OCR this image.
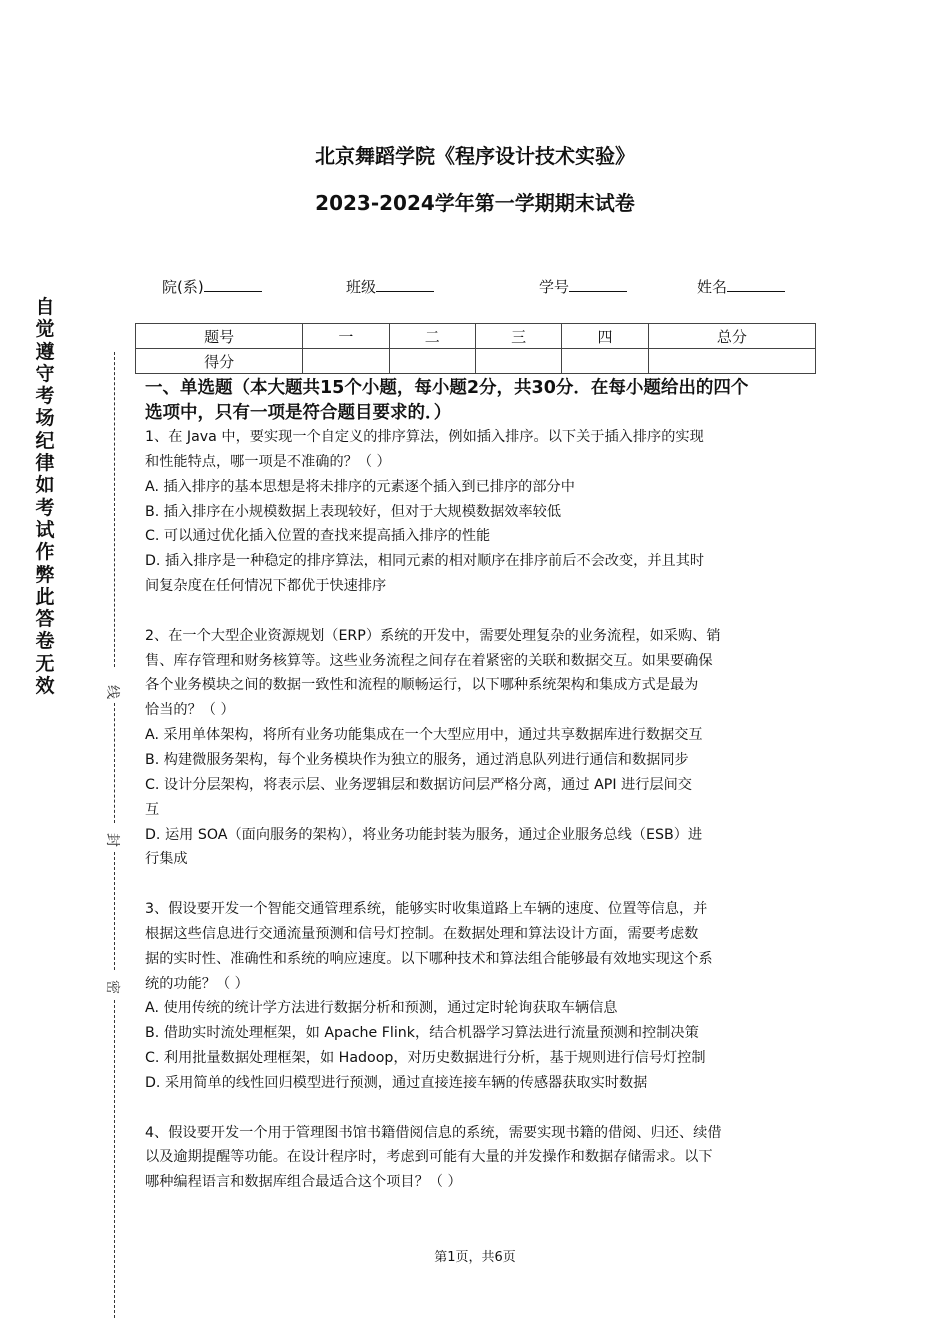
北京舞蹈学院《程序设计技术实验》
2023-2024学年第一学期期末试卷
自觉遵守考场纪律如考试作弊此答卷无效	线
封
密
院(系)	班级	学号	姓名
题号	一	二	三	四	总分
得分					
一、单选题（本大题共15个小题，每小题2分，共30分．在每小题给出的四个
选项中，只有一项是符合题目要求的．）
1、在 Java 中，要实现一个自定义的排序算法，例如插入排序。以下关于插入排序的实现
和性能特点，哪一项是不准确的？（ ）
A. 插入排序的基本思想是将未排序的元素逐个插入到已排序的部分中
B. 插入排序在小规模数据上表现较好，但对于大规模数据效率较低
C. 可以通过优化插入位置的查找来提高插入排序的性能
D. 插入排序是一种稳定的排序算法，相同元素的相对顺序在排序前后不会改变，并且其时
间复杂度在任何情况下都优于快速排序
2、在一个大型企业资源规划（ERP）系统的开发中，需要处理复杂的业务流程，如采购、销
售、库存管理和财务核算等。这些业务流程之间存在着紧密的关联和数据交互。如果要确保
各个业务模块之间的数据一致性和流程的顺畅运行，以下哪种系统架构和集成方式是最为
恰当的？（ ）
A. 采用单体架构，将所有业务功能集成在一个大型应用中，通过共享数据库进行数据交互
B. 构建微服务架构，每个业务模块作为独立的服务，通过消息队列进行通信和数据同步
C. 设计分层架构，将表示层、业务逻辑层和数据访问层严格分离，通过 API 进行层间交
互
D. 运用 SOA（面向服务的架构），将业务功能封装为服务，通过企业服务总线（ESB）进
行集成
3、假设要开发一个智能交通管理系统，能够实时收集道路上车辆的速度、位置等信息，并
根据这些信息进行交通流量预测和信号灯控制。在数据处理和算法设计方面，需要考虑数
据的实时性、准确性和系统的响应速度。以下哪种技术和算法组合能够最有效地实现这个系
统的功能？（ ）
A. 使用传统的统计学方法进行数据分析和预测，通过定时轮询获取车辆信息
B. 借助实时流处理框架，如 Apache Flink，结合机器学习算法进行流量预测和控制决策
C. 利用批量数据处理框架，如 Hadoop，对历史数据进行分析，基于规则进行信号灯控制
D. 采用简单的线性回归模型进行预测，通过直接连接车辆的传感器获取实时数据
4、假设要开发一个用于管理图书馆书籍借阅信息的系统，需要实现书籍的借阅、归还、续借
以及逾期提醒等功能。在设计程序时，考虑到可能有大量的并发操作和数据存储需求。以下
哪种编程语言和数据库组合最适合这个项目？（ ）
第1页，共6页
